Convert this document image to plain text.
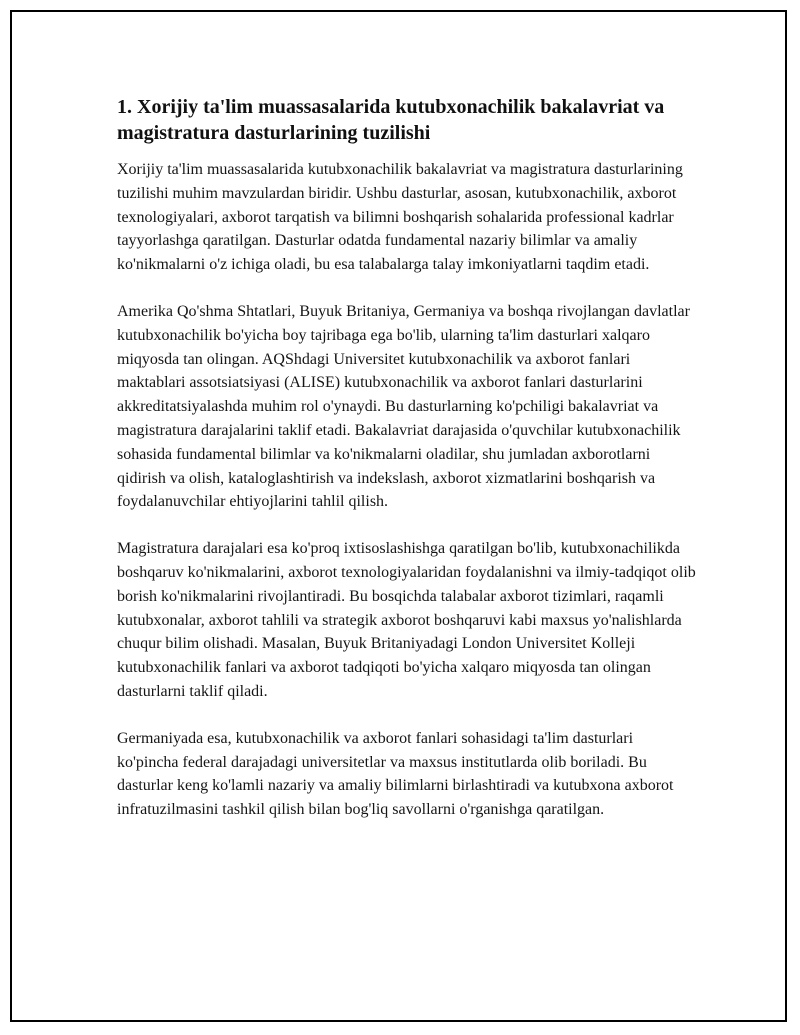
1. Xorijiy ta'lim muassasalarida kutubxonachilik bakalavriat va magistratura dasturlarining tuzilishi

Xorijiy ta'lim muassasalarida kutubxonachilik bakalavriat va magistratura dasturlarining tuzilishi muhim mavzulardan biridir. Ushbu dasturlar, asosan, kutubxonachilik, axborot texnologiyalari, axborot tarqatish va bilimni boshqarish sohalarida professional kadrlar tayyorlashga qaratilgan. Dasturlar odatda fundamental nazariy bilimlar va amaliy ko'nikmalarni o'z ichiga oladi, bu esa talabalarga talay imkoniyatlarni taqdim etadi.

Amerika Qo'shma Shtatlari, Buyuk Britaniya, Germaniya va boshqa rivojlangan davlatlar kutubxonachilik bo'yicha boy tajribaga ega bo'lib, ularning ta'lim dasturlari xalqaro miqyosda tan olingan. AQShdagi Universitet kutubxonachilik va axborot fanlari maktablari assotsiatsiyasi (ALISE) kutubxonachilik va axborot fanlari dasturlarini akkreditatsiyalashda muhim rol o'ynaydi. Bu dasturlarning ko'pchiligi bakalavriat va magistratura darajalarini taklif etadi. Bakalavriat darajasida o'quvchilar kutubxonachilik sohasida fundamental bilimlar va ko'nikmalarni oladilar, shu jumladan axborotlarni qidirish va olish, kataloglashtirish va indekslash, axborot xizmatlarini boshqarish va foydalanuvchilar ehtiyojlarini tahlil qilish.

Magistratura darajalari esa ko'proq ixtisoslashishga qaratilgan bo'lib, kutubxonachilikda boshqaruv ko'nikmalarini, axborot texnologiyalaridan foydalanishni va ilmiy-tadqiqot olib borish ko'nikmalarini rivojlantiradi. Bu bosqichda talabalar axborot tizimlari, raqamli kutubxonalar, axborot tahlili va strategik axborot boshqaruvi kabi maxsus yo'nalishlarda chuqur bilim olishadi. Masalan, Buyuk Britaniyadagi London Universitet Kolleji kutubxonachilik fanlari va axborot tadqiqoti bo'yicha xalqaro miqyosda tan olingan dasturlarni taklif qiladi.

Germaniyada esa, kutubxonachilik va axborot fanlari sohasidagi ta'lim dasturlari ko'pincha federal darajadagi universitetlar va maxsus institutlarda olib boriladi. Bu dasturlar keng ko'lamli nazariy va amaliy bilimlarni birlashtiradi va kutubxona axborot infratuzilmasini tashkil qilish bilan bog'liq savollarni o'rganishga qaratilgan.
